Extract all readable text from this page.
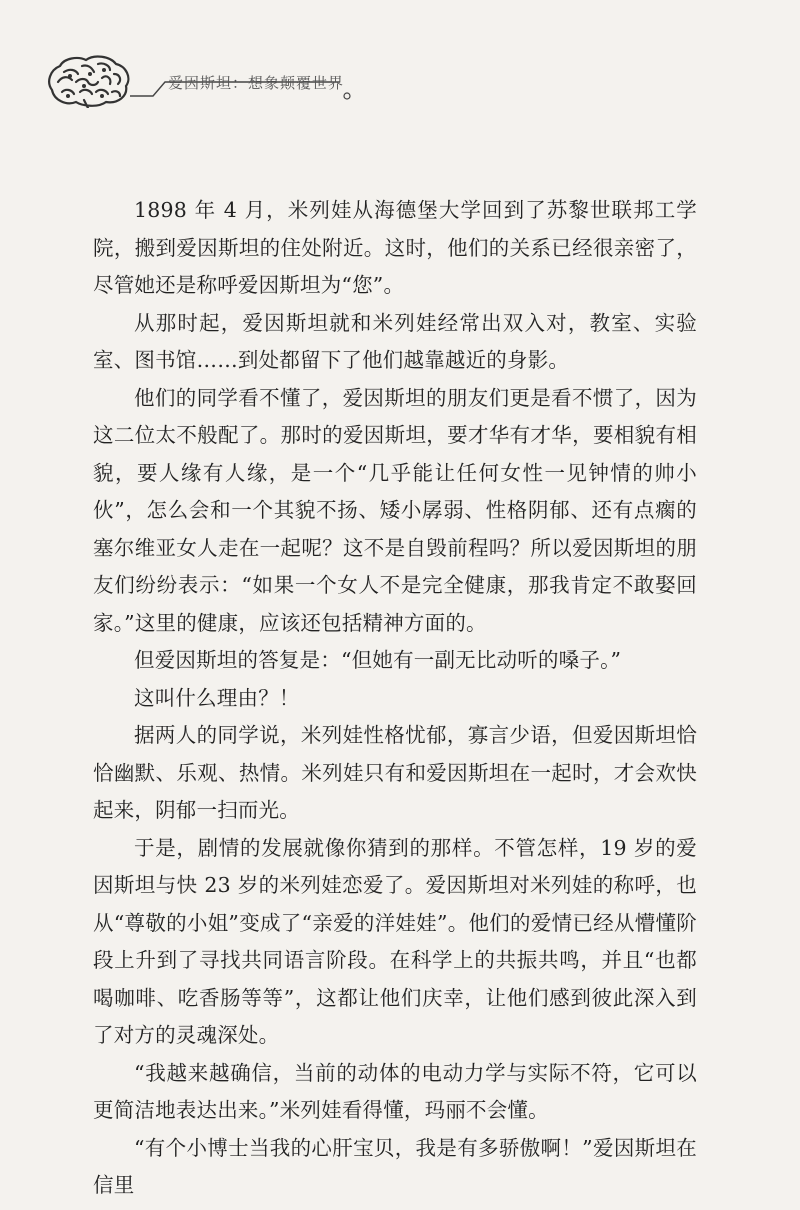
爱因斯坦：想象颠覆世界

1898 年 4 月，米列娃从海德堡大学回到了苏黎世联邦工学院，搬到爱因斯坦的住处附近。这时，他们的关系已经很亲密了，尽管她还是称呼爱因斯坦为“您”。

从那时起，爱因斯坦就和米列娃经常出双入对，教室、实验室、图书馆……到处都留下了他们越靠越近的身影。

他们的同学看不懂了，爱因斯坦的朋友们更是看不惯了，因为这二位太不般配了。那时的爱因斯坦，要才华有才华，要相貌有相貌，要人缘有人缘，是一个“几乎能让任何女性一见钟情的帅小伙”，怎么会和一个其貌不扬、矮小孱弱、性格阴郁、还有点瘸的塞尔维亚女人走在一起呢？这不是自毁前程吗？所以爱因斯坦的朋友们纷纷表示：“如果一个女人不是完全健康，那我肯定不敢娶回家。”这里的健康，应该还包括精神方面的。

但爱因斯坦的答复是：“但她有一副无比动听的嗓子。”

这叫什么理由？！

据两人的同学说，米列娃性格忧郁，寡言少语，但爱因斯坦恰恰幽默、乐观、热情。米列娃只有和爱因斯坦在一起时，才会欢快起来，阴郁一扫而光。

于是，剧情的发展就像你猜到的那样。不管怎样，19 岁的爱因斯坦与快 23 岁的米列娃恋爱了。爱因斯坦对米列娃的称呼，也从“尊敬的小姐”变成了“亲爱的洋娃娃”。他们的爱情已经从懵懂阶段上升到了寻找共同语言阶段。在科学上的共振共鸣，并且“也都喝咖啡、吃香肠等等”，这都让他们庆幸，让他们感到彼此深入到了对方的灵魂深处。

“我越来越确信，当前的动体的电动力学与实际不符，它可以更简洁地表达出来。”米列娃看得懂，玛丽不会懂。

“有个小博士当我的心肝宝贝，我是有多骄傲啊！”爱因斯坦在信里
